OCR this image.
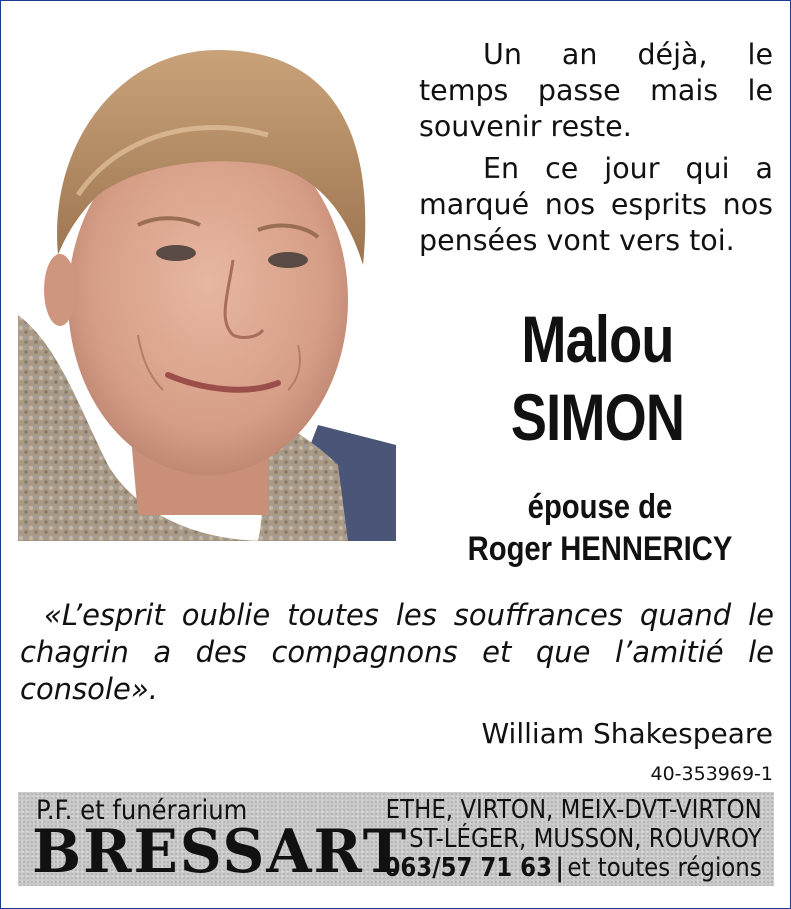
Un an déjà, le temps passe mais le souvenir reste.

En ce jour qui a marqué nos esprits nos pensées vont vers toi.

Malou
SIMON
épouse de
Roger HENNERICY
«L’esprit oublie toutes les souffrances quand le chagrin a des compagnons et que l’amitié le console».
William Shakespeare
40-353969-1
P.F. et funérarium
BRESSART
ETHE, VIRTON, MEIX-DVT-VIRTON
ST-LÉGER, MUSSON, ROUVROY
063/57 71 63 | et toutes régions
